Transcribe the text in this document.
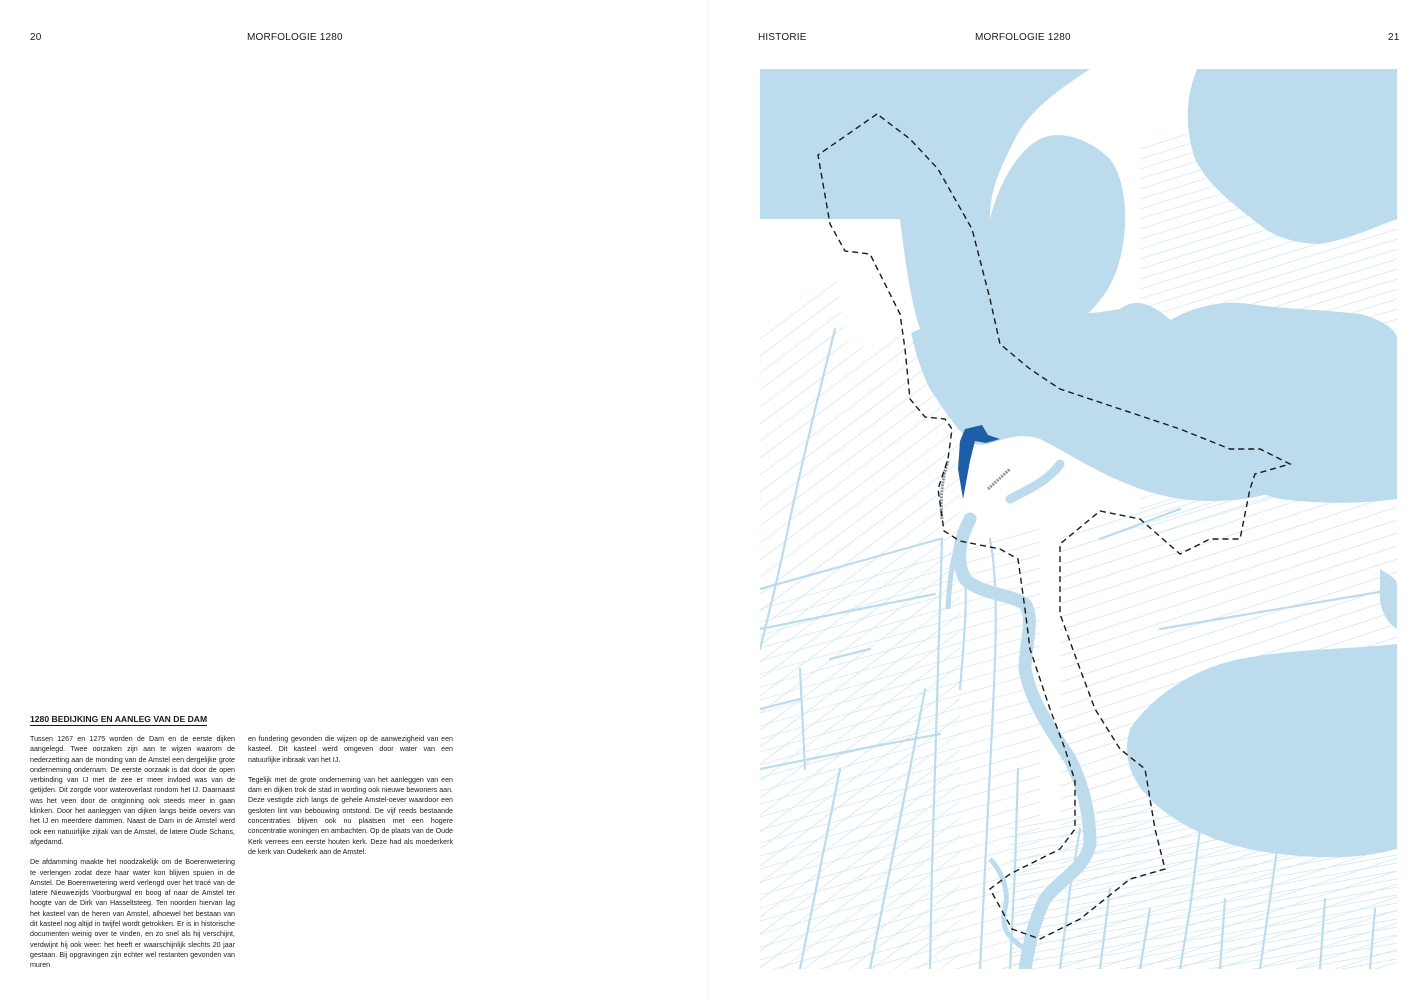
20	MORFOLOGIE 1280	HISTORIE	MORFOLOGIE 1280	21
1280 BEDIJKING EN AANLEG VAN DE DAM

Tussen 1267 en 1275 worden de Dam en de eerste dijken aangelegd. Twee oorzaken zijn aan te wijzen waarom de nederzetting aan de monding van de Amstel een dergelijke grote onderneming ondernam. De eerste oorzaak is dat door de open verbinding van IJ met de zee er meer invloed was van de getijden. Dit zorgde voor wateroverlast rondom het IJ. Daarnaast was het veen door de ontginning ook steeds meer in gaan klinken. Door het aanleggen van dijken langs beide oevers van het IJ en meerdere dammen. Naast de Dam in de Amstel werd ook een natuurlijke zijtak van de Amstel, de latere Oude Schans, afgedamd.

De afdamming maakte het noodzakelijk om de Boerenwetering te verlengen zodat deze haar water kon blijven spuien in de Amstel. De Boerenwetering werd verlengd over het tracé van de latere Nieuwezijds Voorburgwal en boog af naar de Amstel ter hoogte van de Dirk van Hasseltsteeg. Ten noorden hiervan lag het kasteel van de heren van Amstel, alhoewel het bestaan van dit kasteel nog altijd in twijfel wordt getrokken. Er is in historische documenten weinig over te vinden, en zo snel als hij verschijnt, verdwijnt hij ook weer: het heeft er waarschijnlijk slechts 20 jaar gestaan. Bij opgravingen zijn echter wel restanten gevonden van muren

en fundering gevonden die wijzen op de aanwezigheid van een kasteel. Dit kasteel werd omgeven door water van een natuurlijke inbraak van het IJ.

Tegelijk met de grote onderneming van het aanleggen van een dam en dijken trok de stad in wording ook nieuwe bewoners aan. Deze vestigde zich langs de gehele Amstel-oever waardoor een gesloten lint van bebouwing ontstond. De vijf reeds bestaande concentraties blijven ook nu plaatsen met een hogere concentratie woningen en ambachten. Op de plaats van de Oude Kerk verrees een eerste houten kerk. Deze had als moederkerk de kerk van Oudekerk aan de Amstel.
